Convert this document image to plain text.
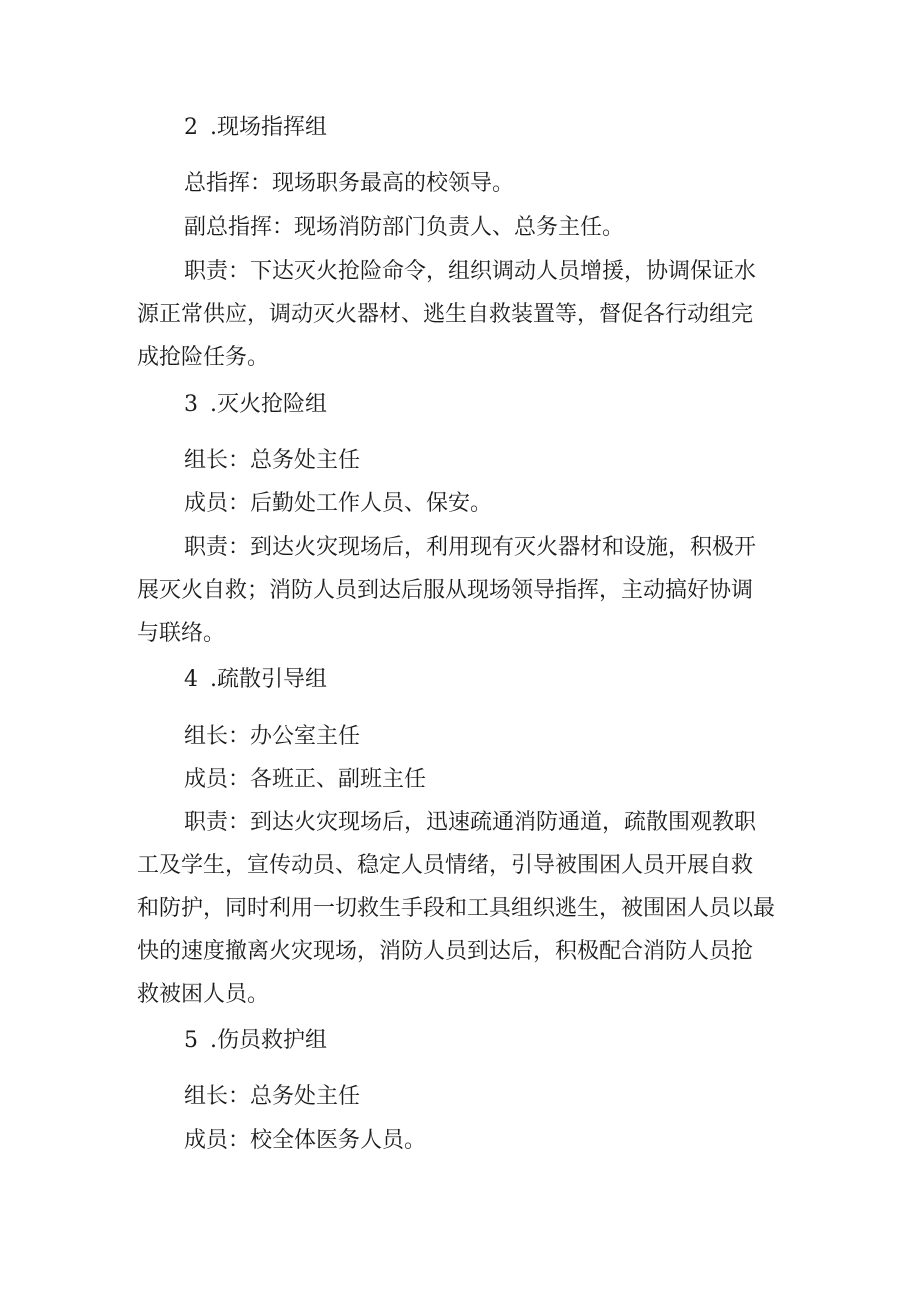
2 .现场指挥组
总指挥：现场职务最高的校领导。
副总指挥：现场消防部门负责人、总务主任。
职责：下达灭火抢险命令，组织调动人员增援，协调保证水
源正常供应，调动灭火器材、逃生自救装置等，督促各行动组完
成抢险任务。
3 .灭火抢险组
组长：总务处主任
成员：后勤处工作人员、保安。
职责：到达火灾现场后，利用现有灭火器材和设施，积极开
展灭火自救；消防人员到达后服从现场领导指挥，主动搞好协调
与联络。
4 .疏散引导组
组长：办公室主任
成员：各班正、副班主任
职责：到达火灾现场后，迅速疏通消防通道，疏散围观教职
工及学生，宣传动员、稳定人员情绪，引导被围困人员开展自救
和防护，同时利用一切救生手段和工具组织逃生，被围困人员以最
快的速度撤离火灾现场，消防人员到达后，积极配合消防人员抢
救被困人员。
5 .伤员救护组
组长：总务处主任
成员：校全体医务人员。
